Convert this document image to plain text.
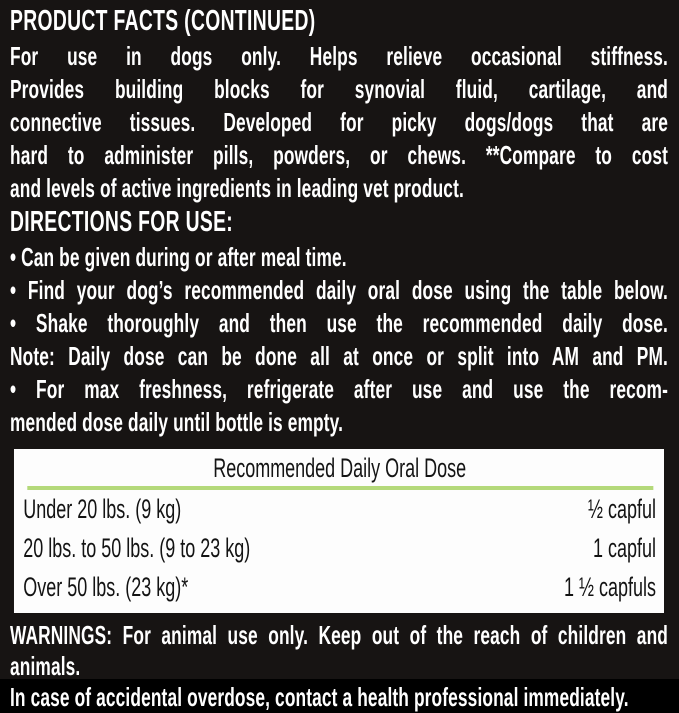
PRODUCT FACTS (CONTINUED)
For use in dogs only. Helps relieve occasional stiffness.
Provides building blocks for synovial fluid, cartilage, and
connective tissues. Developed for picky dogs/dogs that are
hard to administer pills, powders, or chews. **Compare to cost
and levels of active ingredients in leading vet product.
DIRECTIONS FOR USE:
• Can be given during or after meal time.
• Find your dog’s recommended daily oral dose using the table below.
• Shake thoroughly and then use the recommended daily dose.
Note: Daily dose can be done all at once or split into AM and PM.
• For max freshness, refrigerate after use and use the recom-
mended dose daily until bottle is empty.
Recommended Daily Oral Dose
Under 20 lbs. (9 kg)	½ capful
20 lbs. to 50 lbs. (9 to 23 kg)	1 capful
Over 50 lbs. (23 kg)*	1 ½ capfuls
WARNINGS: For animal use only. Keep out of the reach of children and animals.
In case of accidental overdose, contact a health professional immediately.
